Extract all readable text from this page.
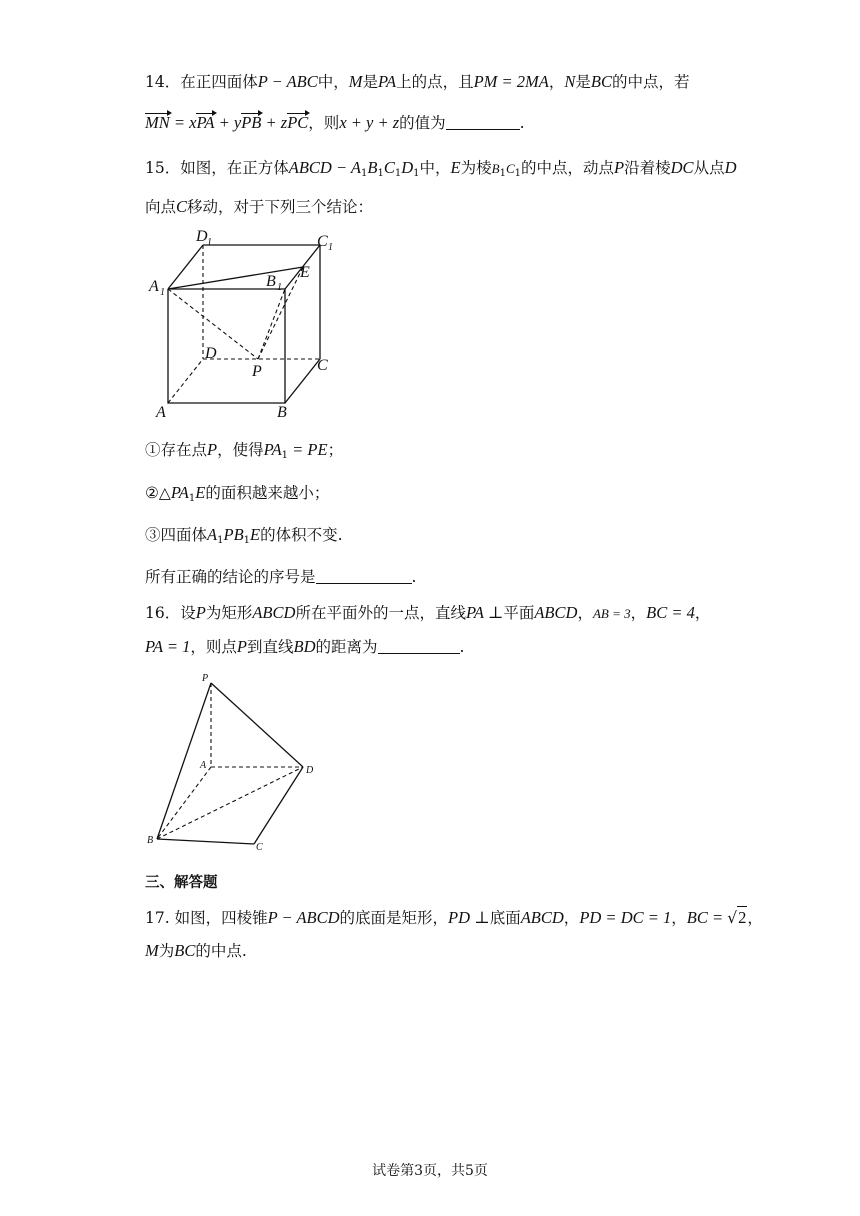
14．在正四面体P − ABC中，M是PA上的点，且PM = 2MA，N是BC的中点，若
MN = xPA + yPB + zPC，则x + y + z的值为	.
15．如图，在正方体ABCD − $A_1B_1C_1D_1$中，E为棱$B_1C_1$的中点，动点P沿着棱DC从点D
向点C移动，对于下列三个结论：
D 1	C 1
A 1
B 1
E
D
C
P
A	B
①存在点P，使得$PA_1$ = PE；
$②\triangle PA_1E$的面积越来越小；
③四面体$A_1PB_1E$的体积不变.
所有正确的结论的序号是	.
16．设P为矩形ABCD所在平面外的一点，直线PA ⊥平面ABCD，AB = 3，BC = 4，
PA = 1，则点P到直线BD的距离为	.
P
A	D
B
C
三、解答题
17. 如图，四棱锥P − ABCD的底面是矩形，PD ⊥底面ABCD，PD = DC = 1，BC = √2，
M为BC的中点.
试卷第3页，共5页
